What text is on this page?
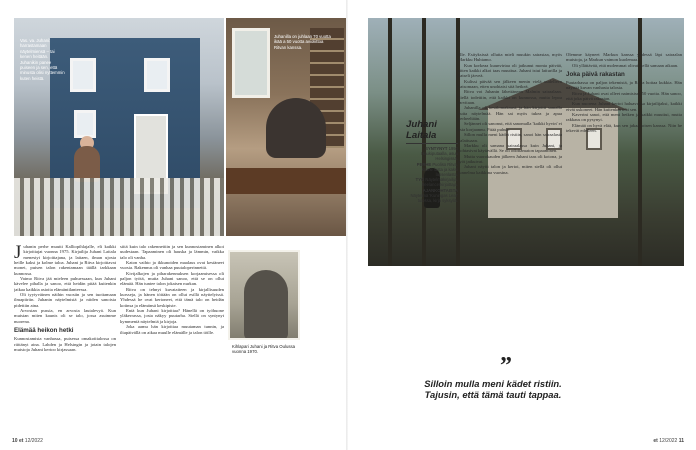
Vas. va. Juhani: harrastamaan näytelmiensä – tai kenen heitään. Juhanikin panee puiseen ja sen, että minusta olisi nyttemmin kuten heistä.
Juhanilla on juhlaan 70 vuotta ikää a 50 vuotta avioliittoa Ritvan kanssa.

Juhanin perhe muutti Kalliopihlajalle, eli kaikki kirjoittajat vuonna 1975. Kirjailija Juhani Laitala menestyi kirjoittajana, ja laitaen, ilman ujosta heille kaksi ja kolme taloa. Juhani ja Ritva kirjoittavat monet, puisen talon rakentamaan täällä tarkkaan kunnossa.

Vaimo Ritva jää mieleen puhuessaan, kun Juhani kävelee pihalla ja sanoo, että heidän pitää kuitenkin jatkaa kaikkia asioita elämäntilanteessa.

Oli tyytyväinen näihin vuosiin ja sen tuottamaan ilmapiiriin. Juhanin näytelmistä ja niiden sanoista pidettiin aina.

Arvostan pussia, en arvosta lautalevyä. Kun muistan miten kaunis oli se talo, jossa asuimme nuorena.

Elämää heikon hetki

Kunnostamista vanhassa, puisessa omakotitalossa on riittänyt aina. Lahden ja Helsingin ja jotain talojen muistoja Juhani kertoo kirjassaan.

siitä kuin talo rakennettiin ja sen kunnostaminen alkoi uudestaan. Tapaaminen oli hauska ja lämmin, vaikka talo oli vanha.

Katon vaihto ja ikkunoiden maalaus ovat kestäneet vuosia. Rakennus oli vanhaa puutaloperinnettä.

Kivijalkojen ja piharakennuksen korjaamisessa oli paljon työtä, mutta Juhani sanoo, että se on ollut elämää. Hän tuntee talon jokaisen nurkan.

Ritva on tehnyt kuvataiteen ja kirjallisuuden kursseja, ja hänen töitään on ollut esillä näyttelyissä. Yhdessä he ovat kertoneet, että tämä talo on heidän kotinsa ja elämänsä keskipiste.

Entä kun Juhani kirjoittaa? Hänellä on työhuone yläkerrassa, josta näkyy puutarha. Siellä on syntynyt kymmeniä näytelmiä ja kirjoja.

Joka aamu hän kirjoittaa muutaman tunnin, ja iltapäivällä on aikaa muulle elämälle ja talon töille.

Kihlapari Juhani ja Ritva Oulussa vuonna 1970.
10 et 12/2022

alle. Esityksissä ollutta mieli muukin sairastaa, myös Markku Huhtamo.

Kun korkeaa kuunvirtaa oli jatkunut monta päivää, sitten kaikki alkoi taas muuttua. Juhani istui laiturilla ja katseli järveä.

Kulissi päivää sen jälkeen menin vielä uudelleen katsomaan, etten unohtaisi sitä hetkeä.

Ritva voi Juhanin lähettäneen Malmin sairaalaan. Siellä todettiin, että kaikki on kunnossa, mutta lepoa tarvitaan.

Juhanilla oli kesälomakausi, ja hän kirjoitti samalla uutta näytelmää. Hän sai myös tukea ja apua perheeltään.

Seljännet oli sanonut, että sanomalla 'kaikki hyvin' ei asia korjaannu. Pitää puhua.

Sillon mulla meni kädet ristiin, sanoi hän sairaalasta palattuaan.

Markku oli samana sairaalassa kuin Juhani, ja kohtasivat käytävällä. Se oli odottamaton tapaaminen.

Mutta vuorokauden jälkeen Juhani taas oli kotona, ja työt jatkuivat.

Juhani näytti talon ja kertoi, miten siellä oli ollut tunnelma kaikkina vuosina.

Olemme käyneet Markun kanssa yhdessä läpi sairaalan muistoja, ja Markun vaimon kuolemaa.

Oli yllättävää, että molemmat olivat siellä samaan aikaan.

Joka päivä rakastan

Puutarhassa on paljon tekemistä, ja Ritva hoitaa kukkia. Hän näyttää kuvan vanhasta talosta.

Ritva ja Juhani ovat olleet naimisissa 50 vuotta. Hän sanoo, että joka päivä rakastan.

Kun nuorena Juhani kertoi haluavansa kirjailijaksi, kaikki eivät uskoneet. Hän kuitenkin teki sen.

Kaverini sanoi, että meni hetken ja kaikki muuttui, mutta rakkaus on pysynyt.

Elämää on hyvä elää, kun sen jakaa toisen kanssa. Niin he tekevät edelleen.

Juhani Laitala
SYNTYNYT 1950 Haukiputaalla, asuu Helsingissä.
PERHE Puoliso Ritva, kolme lasta ja kaksi lapsenlasta.
TYÖ Näytelmäkirjailija, freelancerkirjoittaja.
AJANKOHTAISTA Näytelmä 'Kuningas Lear' tulossa, kirja syksyllä.
”
Silloin mulla meni kädet ristiin. Tajusin, että tämä tauti tappaa.
et 12/2022 11
